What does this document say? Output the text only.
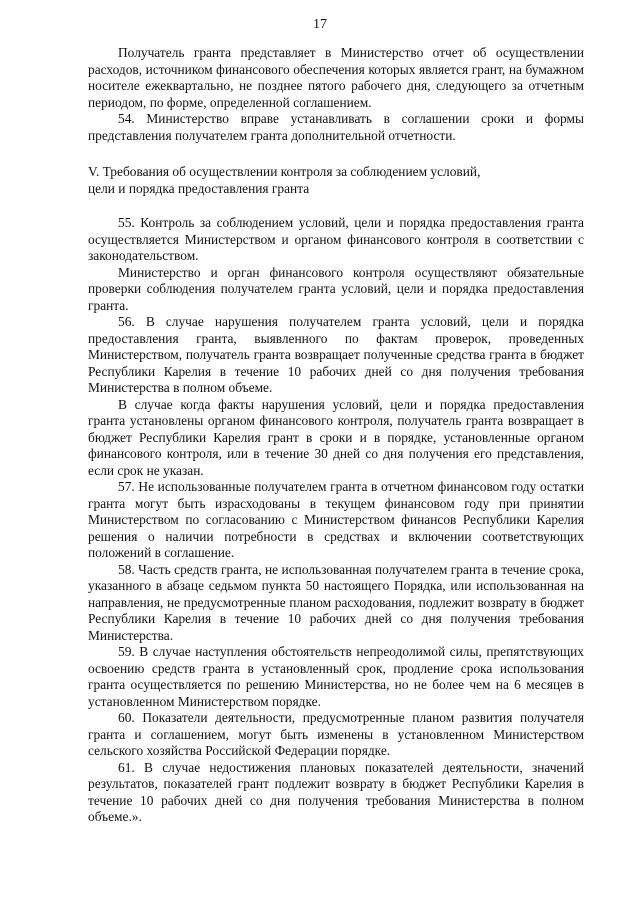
17

Получатель гранта представляет в Министерство отчет об осуществлении расходов, источником финансового обеспечения которых является грант, на бумажном носителе ежеквартально, не позднее пятого рабочего дня, следующего за отчетным периодом, по форме, определенной соглашением.

54. Министерство вправе устанавливать в соглашении сроки и формы представления получателем гранта дополнительной отчетности.

V. Требования об осуществлении контроля за соблюдением условий,
цели и порядка предоставления гранта

55. Контроль за соблюдением условий, цели и порядка предоставления гранта осуществляется Министерством и органом финансового контроля в соответствии с законодательством.

Министерство и орган финансового контроля осуществляют обязательные проверки соблюдения получателем гранта условий, цели и порядка предоставления гранта.

56. В случае нарушения получателем гранта условий, цели и порядка предоставления гранта, выявленного по фактам проверок, проведенных Министерством, получатель гранта возвращает полученные средства гранта в бюджет Республики Карелия в течение 10 рабочих дней со дня получения требования Министерства в полном объеме.

В случае когда факты нарушения условий, цели и порядка предоставления гранта установлены органом финансового контроля, получатель гранта возвращает в бюджет Республики Карелия грант в сроки и в порядке, установленные органом финансового контроля, или в течение 30 дней со дня получения его представления, если срок не указан.

57. Не использованные получателем гранта в отчетном финансовом году остатки гранта могут быть израсходованы в текущем финансовом году при принятии Министерством по согласованию с Министерством финансов Республики Карелия решения о наличии потребности в средствах и включении соответствующих положений в соглашение.

58. Часть средств гранта, не использованная получателем гранта в течение срока, указанного в абзаце седьмом пункта 50 настоящего Порядка, или использованная на направления, не предусмотренные планом расходования, подлежит возврату в бюджет Республики Карелия в течение 10 рабочих дней со дня получения требования Министерства.

59. В случае наступления обстоятельств непреодолимой силы, препятствующих освоению средств гранта в установленный срок, продление срока использования гранта осуществляется по решению Министерства, но не более чем на 6 месяцев в установленном Министерством порядке.

60. Показатели деятельности, предусмотренные планом развития получателя гранта и соглашением, могут быть изменены в установленном Министерством сельского хозяйства Российской Федерации порядке.

61. В случае недостижения плановых показателей деятельности, значений результатов, показателей грант подлежит возврату в бюджет Республики Карелия в течение 10 рабочих дней со дня получения требования Министерства в полном объеме.».
